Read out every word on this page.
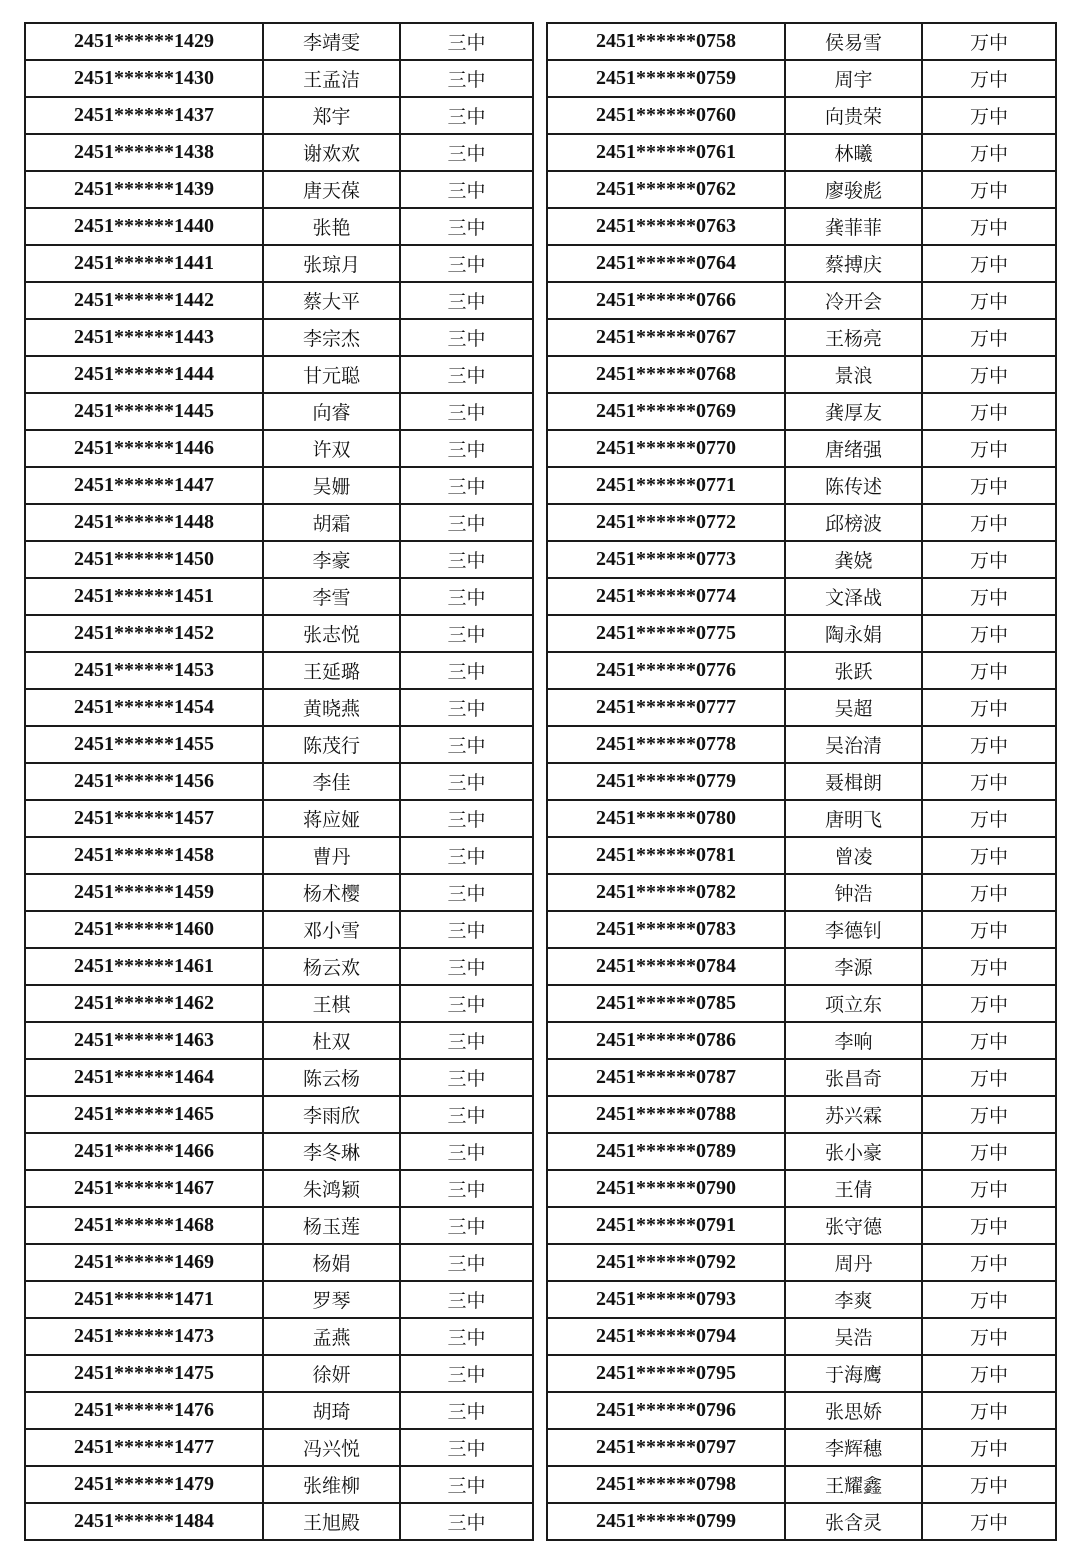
2451******1429	李靖雯	三中
2451******1430	王孟洁	三中
2451******1437	郑宇	三中
2451******1438	谢欢欢	三中
2451******1439	唐天葆	三中
2451******1440	张艳	三中
2451******1441	张琼月	三中
2451******1442	蔡大平	三中
2451******1443	李宗杰	三中
2451******1444	甘元聪	三中
2451******1445	向睿	三中
2451******1446	许双	三中
2451******1447	吴姗	三中
2451******1448	胡霜	三中
2451******1450	李豪	三中
2451******1451	李雪	三中
2451******1452	张志悦	三中
2451******1453	王延璐	三中
2451******1454	黄晓燕	三中
2451******1455	陈茂行	三中
2451******1456	李佳	三中
2451******1457	蒋应娅	三中
2451******1458	曹丹	三中
2451******1459	杨术樱	三中
2451******1460	邓小雪	三中
2451******1461	杨云欢	三中
2451******1462	王棋	三中
2451******1463	杜双	三中
2451******1464	陈云杨	三中
2451******1465	李雨欣	三中
2451******1466	李冬琳	三中
2451******1467	朱鸿颖	三中
2451******1468	杨玉莲	三中
2451******1469	杨娟	三中
2451******1471	罗琴	三中
2451******1473	孟燕	三中
2451******1475	徐妍	三中
2451******1476	胡琦	三中
2451******1477	冯兴悦	三中
2451******1479	张维柳	三中
2451******1484	王旭殿	三中
2451******0758	侯易雪	万中
2451******0759	周宇	万中
2451******0760	向贵荣	万中
2451******0761	林曦	万中
2451******0762	廖骏彪	万中
2451******0763	龚菲菲	万中
2451******0764	蔡搏庆	万中
2451******0766	冷开会	万中
2451******0767	王杨亮	万中
2451******0768	景浪	万中
2451******0769	龚厚友	万中
2451******0770	唐绪强	万中
2451******0771	陈传述	万中
2451******0772	邱榜波	万中
2451******0773	龚娆	万中
2451******0774	文泽战	万中
2451******0775	陶永娟	万中
2451******0776	张跃	万中
2451******0777	吴超	万中
2451******0778	吴治清	万中
2451******0779	聂楫朗	万中
2451******0780	唐明飞	万中
2451******0781	曾凌	万中
2451******0782	钟浩	万中
2451******0783	李德钊	万中
2451******0784	李源	万中
2451******0785	项立东	万中
2451******0786	李响	万中
2451******0787	张昌奇	万中
2451******0788	苏兴霖	万中
2451******0789	张小豪	万中
2451******0790	王倩	万中
2451******0791	张守德	万中
2451******0792	周丹	万中
2451******0793	李爽	万中
2451******0794	吴浩	万中
2451******0795	于海鹰	万中
2451******0796	张思娇	万中
2451******0797	李辉穗	万中
2451******0798	王耀鑫	万中
2451******0799	张含灵	万中
